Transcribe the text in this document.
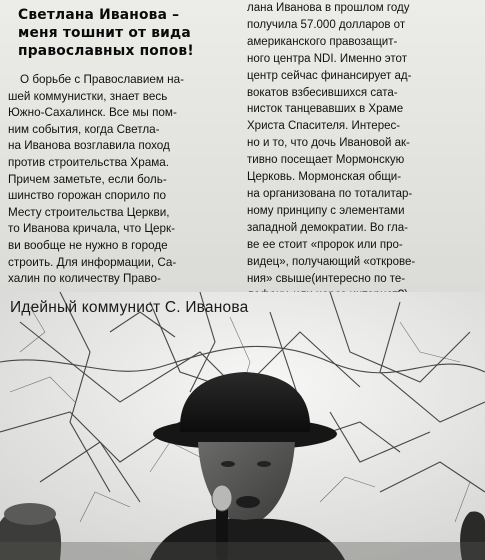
Светлана Иванова –
меня тошнит от вида
православных попов!

О борьбе с Православием на-
шей коммунистки, знает весь
Южно-Сахалинск. Все мы пом-
ним события, когда Светла-
на Иванова возглавила поход
против строительства Храма.
Причем заметьте, если боль-
шинство горожан спорило по
Месту строительства Церкви,
то Иванова кричала, что Церк-
ви вообще не нужно в городе
строить. Для информации, Са-
халин по количеству Право-

лана Иванова в прошлом году
получила 57.000 долларов от
американского правозащит-
ного центра NDI. Именно этот
центр сейчас финансирует ад-
вокатов взбесившихся сата-
нисток танцевавших в Храме
Христа Спасителя. Интерес-
но и то, что дочь Ивановой ак-
тивно посещает Мормонскую
Церковь. Мормонская общи-
на организована по тоталитар-
ному принципу с элементами
западной демократии. Во гла-
ве ее стоит «пророк или про-
видец», получающий «открове-
ния» свыше(интересно по те-

Идейный коммунист С. Иванова
